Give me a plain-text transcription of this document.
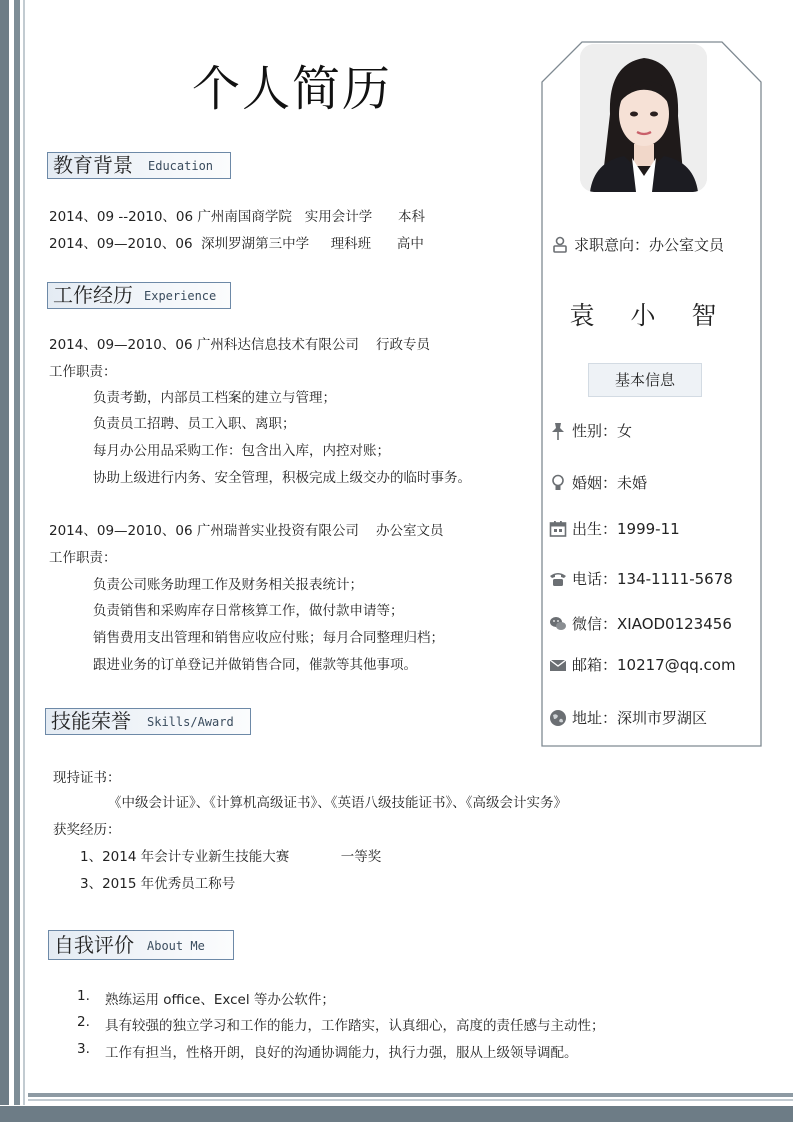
个人简历
教育背景 Education
2014、09 --2010、06 广州南国商学院   实用会计学      本科
2014、09—2010、06  深圳罗湖第三中学     理科班      高中
工作经历 Experience
2014、09—2010、06 广州科达信息技术有限公司    行政专员
工作职责：
负责考勤，内部员工档案的建立与管理；
负责员工招聘、员工入职、离职；
每月办公用品采购工作：包含出入库，内控对账；
协助上级进行内务、安全管理，积极完成上级交办的临时事务。
2014、09—2010、06 广州瑞普实业投资有限公司    办公室文员
工作职责：
负责公司账务助理工作及财务相关报表统计；
负责销售和采购库存日常核算工作，做付款申请等；
销售费用支出管理和销售应收应付账；每月合同整理归档；
跟进业务的订单登记并做销售合同，催款等其他事项。
技能荣誉 Skills/Award
现持证书：
《中级会计证》、《计算机高级证书》、《英语八级技能证书》、《高级会计实务》
获奖经历：
1、2014 年会计专业新生技能大赛            一等奖
3、2015 年优秀员工称号
自我评价 About Me
1. 熟练运用 office、Excel 等办公软件；
2. 具有较强的独立学习和工作的能力，工作踏实，认真细心，高度的责任感与主动性；
3. 工作有担当，性格开朗，良好的沟通协调能力，执行力强，服从上级领导调配。
求职意向：办公室文员
袁 小 智
基本信息
性别：女
婚姻：未婚
出生：1999-11
电话：134-1111-5678
微信：XIAOD0123456
邮箱：10217@qq.com
地址：深圳市罗湖区
